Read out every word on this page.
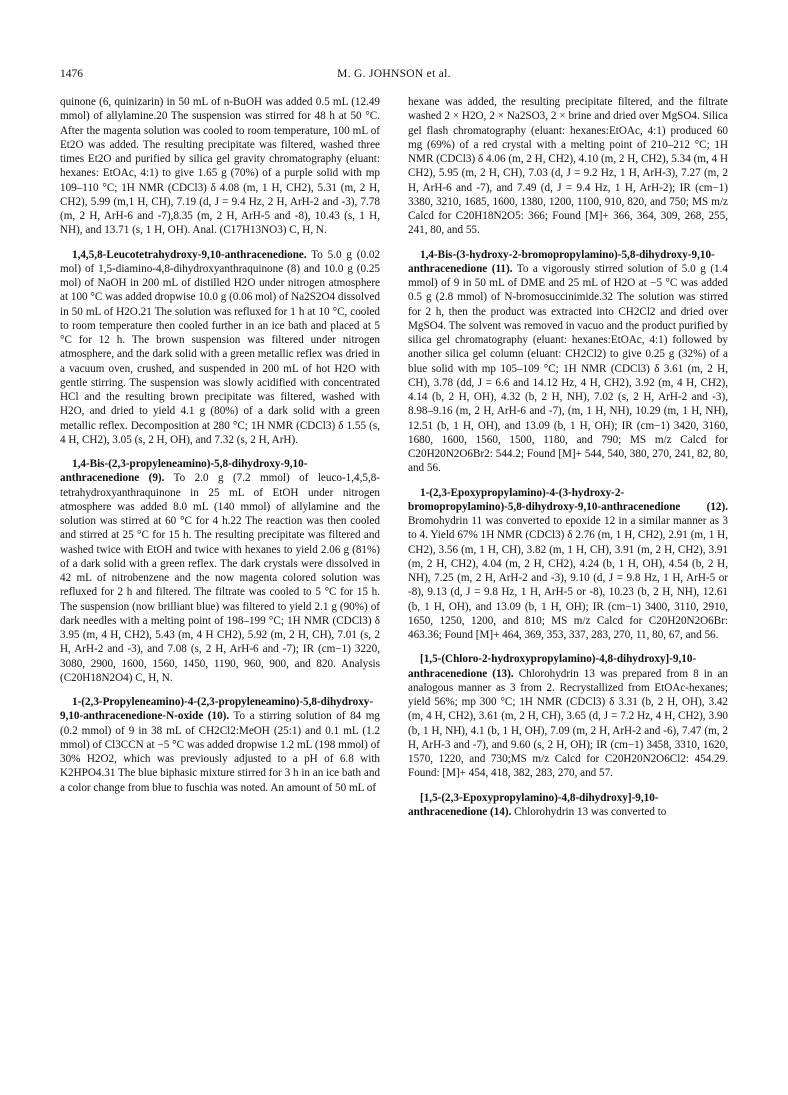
1476	M. G. JOHNSON et al.

quinone (6, quinizarin) in 50 mL of n-BuOH was added 0.5 mL (12.49 mmol) of allylamine.20 The suspension was stirred for 48 h at 50 °C. After the magenta solution was cooled to room temperature, 100 mL of Et2O was added. The resulting precipitate was filtered, washed three times Et2O and purified by silica gel gravity chromatography (eluant: hexanes: EtOAc, 4:1) to give 1.65 g (70%) of a purple solid with mp 109–110 °C; 1H NMR (CDCl3) δ 4.08 (m, 1 H, CH2), 5.31 (m, 2 H, CH2), 5.99 (m,1 H, CH), 7.19 (d, J = 9.4 Hz, 2 H, ArH-2 and -3), 7.78 (m, 2 H, ArH-6 and -7),8.35 (m, 2 H, ArH-5 and -8), 10.43 (s, 1 H, NH), and 13.71 (s, 1 H, OH). Anal. (C17H13NO3) C, H, N.

1,4,5,8-Leucotetrahydroxy-9,10-anthracenedione. To 5.0 g (0.02 mol) of 1,5-diamino-4,8-dihydroxyanthraquinone (8) and 10.0 g (0.25 mol) of NaOH in 200 mL of distilled H2O under nitrogen atmosphere at 100 °C was added dropwise 10.0 g (0.06 mol) of Na2S2O4 dissolved in 50 mL of H2O.21 The solution was refluxed for 1 h at 10 °C, cooled to room temperature then cooled further in an ice bath and placed at 5 °C for 12 h. The brown suspension was filtered under nitrogen atmosphere, and the dark solid with a green metallic reflex was dried in a vacuum oven, crushed, and suspended in 200 mL of hot H2O with gentle stirring. The suspension was slowly acidified with concentrated HCl and the resulting brown precipitate was filtered, washed with H2O, and dried to yield 4.1 g (80%) of a dark solid with a green metallic reflex. Decomposition at 280 °C; 1H NMR (CDCl3) δ 1.55 (s, 4 H, CH2), 3.05 (s, 2 H, OH), and 7.32 (s, 2 H, ArH).

1,4-Bis-(2,3-propyleneamino)-5,8-dihydroxy-9,10-anthracenedione (9). To 2.0 g (7.2 mmol) of leuco-1,4,5,8-tetrahydroxyanthraquinone in 25 mL of EtOH under nitrogen atmosphere was added 8.0 mL (140 mmol) of allylamine and the solution was stirred at 60 °C for 4 h.22 The reaction was then cooled and stirred at 25 °C for 15 h. The resulting precipitate was filtered and washed twice with EtOH and twice with hexanes to yield 2.06 g (81%) of a dark solid with a green reflex. The dark crystals were dissolved in 42 mL of nitrobenzene and the now magenta colored solution was refluxed for 2 h and filtered. The filtrate was cooled to 5 °C for 15 h. The suspension (now brilliant blue) was filtered to yield 2.1 g (90%) of dark needles with a melting point of 198–199 °C; 1H NMR (CDCl3) δ 3.95 (m, 4 H, CH2), 5.43 (m, 4 H CH2), 5.92 (m, 2 H, CH), 7.01 (s, 2 H, ArH-2 and -3), and 7.08 (s, 2 H, ArH-6 and -7); IR (cm−1) 3220, 3080, 2900, 1600, 1560, 1450, 1190, 960, 900, and 820. Analysis (C20H18N2O4) C, H, N.

1-(2,3-Propyleneamino)-4-(2,3-propyleneamino)-5,8-dihydroxy-9,10-anthracenedione-N-oxide (10). To a stirring solution of 84 mg (0.2 mmol) of 9 in 38 mL of CH2Cl2:MeOH (25:1) and 0.1 mL (1.2 mmol) of Cl3CCN at −5 °C was added dropwise 1.2 mL (198 mmol) of 30% H2O2, which was previously adjusted to a pH of 6.8 with K2HPO4.31 The blue biphasic mixture stirred for 3 h in an ice bath and a color change from blue to fuschia was noted. An amount of 50 mL of

hexane was added, the resulting precipitate filtered, and the filtrate washed 2 × H2O, 2 × Na2SO3, 2 × brine and dried over MgSO4. Silica gel flash chromatography (eluant: hexanes:EtOAc, 4:1) produced 60 mg (69%) of a red crystal with a melting point of 210–212 °C; 1H NMR (CDCl3) δ 4.06 (m, 2 H, CH2), 4.10 (m, 2 H, CH2), 5.34 (m, 4 H CH2), 5.95 (m, 2 H, CH), 7.03 (d, J = 9.2 Hz, 1 H, ArH-3), 7.27 (m, 2 H, ArH-6 and -7), and 7.49 (d, J = 9.4 Hz, 1 H, ArH-2); IR (cm−1) 3380, 3210, 1685, 1600, 1380, 1200, 1100, 910, 820, and 750; MS m/z Calcd for C20H18N2O5: 366; Found [M]+ 366, 364, 309, 268, 255, 241, 80, and 55.

1,4-Bis-(3-hydroxy-2-bromopropylamino)-5,8-dihydroxy-9,10-anthracenedione (11). To a vigorously stirred solution of 5.0 g (1.4 mmol) of 9 in 50 mL of DME and 25 mL of H2O at −5 °C was added 0.5 g (2.8 mmol) of N-bromosuccinimide.32 The solution was stirred for 2 h, then the product was extracted into CH2Cl2 and dried over MgSO4. The solvent was removed in vacuo and the product purified by silica gel chromatography (eluant: hexanes:EtOAc, 4:1) followed by another silica gel column (eluant: CH2Cl2) to give 0.25 g (32%) of a blue solid with mp 105–109 °C; 1H NMR (CDCl3) δ 3.61 (m, 2 H, CH), 3.78 (dd, J = 6.6 and 14.12 Hz, 4 H, CH2), 3.92 (m, 4 H, CH2), 4.14 (b, 2 H, OH), 4.32 (b, 2 H, NH), 7.02 (s, 2 H, ArH-2 and -3), 8.98–9.16 (m, 2 H, ArH-6 and -7), (m, 1 H, NH), 10.29 (m, 1 H, NH), 12.51 (b, 1 H, OH), and 13.09 (b, 1 H, OH); IR (cm−1) 3420, 3160, 1680, 1600, 1560, 1500, 1180, and 790; MS m/z Calcd for C20H20N2O6Br2: 544.2; Found [M]+ 544, 540, 380, 270, 241, 82, 80, and 56.

1-(2,3-Epoxypropylamino)-4-(3-hydroxy-2-bromopropylamino)-5,8-dihydroxy-9,10-anthracenedione (12). Bromohydrin 11 was converted to epoxide 12 in a similar manner as 3 to 4. Yield 67% 1H NMR (CDCl3) δ 2.76 (m, 1 H, CH2), 2.91 (m, 1 H, CH2), 3.56 (m, 1 H, CH), 3.82 (m, 1 H, CH), 3.91 (m, 2 H, CH2), 3.91 (m, 2 H, CH2), 4.04 (m, 2 H, CH2), 4.24 (b, 1 H, OH), 4.54 (b, 2 H, NH), 7.25 (m, 2 H, ArH-2 and -3), 9.10 (d, J = 9.8 Hz, 1 H, ArH-5 or -8), 9.13 (d, J = 9.8 Hz, 1 H, ArH-5 or -8), 10.23 (b, 2 H, NH), 12.61 (b, 1 H, OH), and 13.09 (b, 1 H, OH); IR (cm−1) 3400, 3110, 2910, 1650, 1250, 1200, and 810; MS m/z Calcd for C20H20N2O6Br: 463.36; Found [M]+ 464, 369, 353, 337, 283, 270, 11, 80, 67, and 56.

[1,5-(Chloro-2-hydroxypropylamino)-4,8-dihydroxy]-9,10-anthracenedione (13). Chlorohydrin 13 was prepared from 8 in an analogous manner as 3 from 2. Recrystallized from EtOAc-hexanes; yield 56%; mp 300 °C; 1H NMR (CDCl3) δ 3.31 (b, 2 H, OH), 3.42 (m, 4 H, CH2), 3.61 (m, 2 H, CH), 3.65 (d, J = 7.2 Hz, 4 H, CH2), 3.90 (b, 1 H, NH), 4.1 (b, 1 H, OH), 7.09 (m, 2 H, ArH-2 and -6), 7.47 (m, 2 H, ArH-3 and -7), and 9.60 (s, 2 H, OH); IR (cm−1) 3458, 3310, 1620, 1570, 1220, and 730;MS m/z Calcd for C20H20N2O6Cl2: 454.29. Found: [M]+ 454, 418, 382, 283, 270, and 57.

[1,5-(2,3-Epoxypropylamino)-4,8-dihydroxy]-9,10-anthracenedione (14). Chlorohydrin 13 was converted to
